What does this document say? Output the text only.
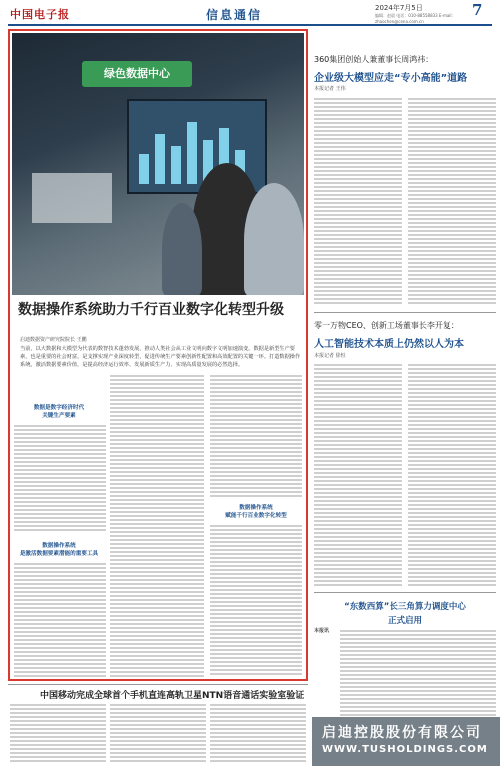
中国电子报	信息通信	2024年7月5日	7
编辑：赵晨 电话：010-88558833 E-mail: zhaochen@cena.com.cn
绿色数据中心
数据操作系统助力千行百业数字化转型升级
启迪数据资产研究院院长 王鹏
当前，以大数据和大模型为代表的数智技术蓬勃发展，推动人类社会从工业文明向数字文明加速演变。数据是新型生产要素，也是重要的社会财富，是支撑实现产业深度转型，促进传统生产要素创新性配置和高效配置的关键一环。打造数据操作系统，激活数据要素价值，是提高经济运行效率、发展新质生产力、实现高质量发展的必然选择。
数据是数字经济时代
关键生产要素
数据操作系统
是激活数据要素潜能的重要工具
数据操作系统
赋能千行百业数字化转型
360集团创始人兼董事长周鸿祎：
企业级大模型应走“专小高能”道路
本报记者 王伟
零一万物CEO、创新工场董事长李开复：
人工智能技术本质上仍然以人为本
本报记者 徐恒
“东数西算”长三角算力调度中心
正式启用
本报讯
中国移动完成全球首个手机直连高轨卫星NTN语音通话实验室验证
启迪控股股份有限公司
WWW.TUSHOLDINGS.COM
